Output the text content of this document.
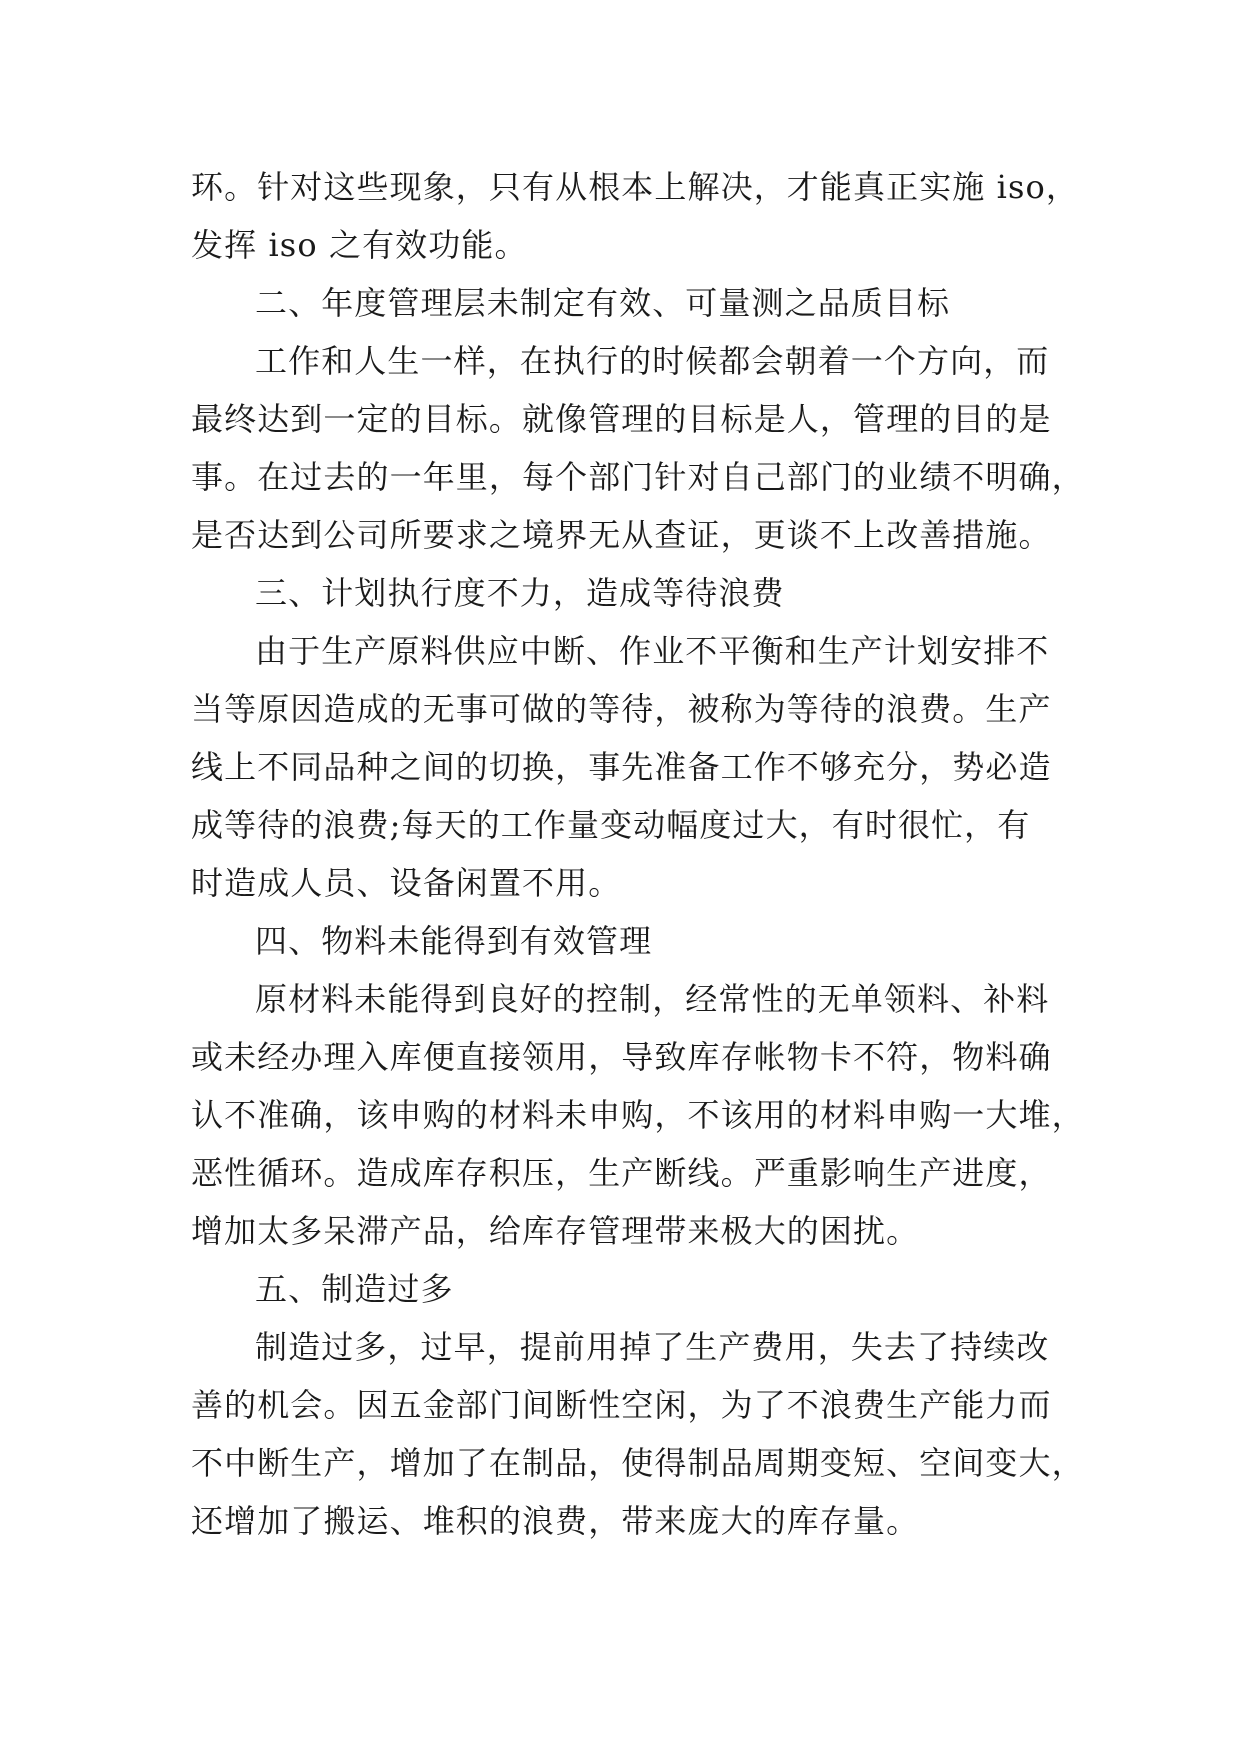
环。针对这些现象，只有从根本上解决，才能真正实施 iso，
发挥 iso 之有效功能。
二、年度管理层未制定有效、可量测之品质目标
工作和人生一样，在执行的时候都会朝着一个方向，而
最终达到一定的目标。就像管理的目标是人，管理的目的是
事。在过去的一年里，每个部门针对自己部门的业绩不明确，
是否达到公司所要求之境界无从查证，更谈不上改善措施。
三、计划执行度不力，造成等待浪费
由于生产原料供应中断、作业不平衡和生产计划安排不
当等原因造成的无事可做的等待，被称为等待的浪费。生产
线上不同品种之间的切换，事先准备工作不够充分，势必造
成等待的浪费;每天的工作量变动幅度过大，有时很忙，有
时造成人员、设备闲置不用。
四、物料未能得到有效管理
原材料未能得到良好的控制，经常性的无单领料、补料
或未经办理入库便直接领用，导致库存帐物卡不符，物料确
认不准确，该申购的材料未申购，不该用的材料申购一大堆，
恶性循环。造成库存积压，生产断线。严重影响生产进度，
增加太多呆滞产品，给库存管理带来极大的困扰。
五、制造过多
制造过多，过早，提前用掉了生产费用，失去了持续改
善的机会。因五金部门间断性空闲，为了不浪费生产能力而
不中断生产，增加了在制品，使得制品周期变短、空间变大，
还增加了搬运、堆积的浪费，带来庞大的库存量。
